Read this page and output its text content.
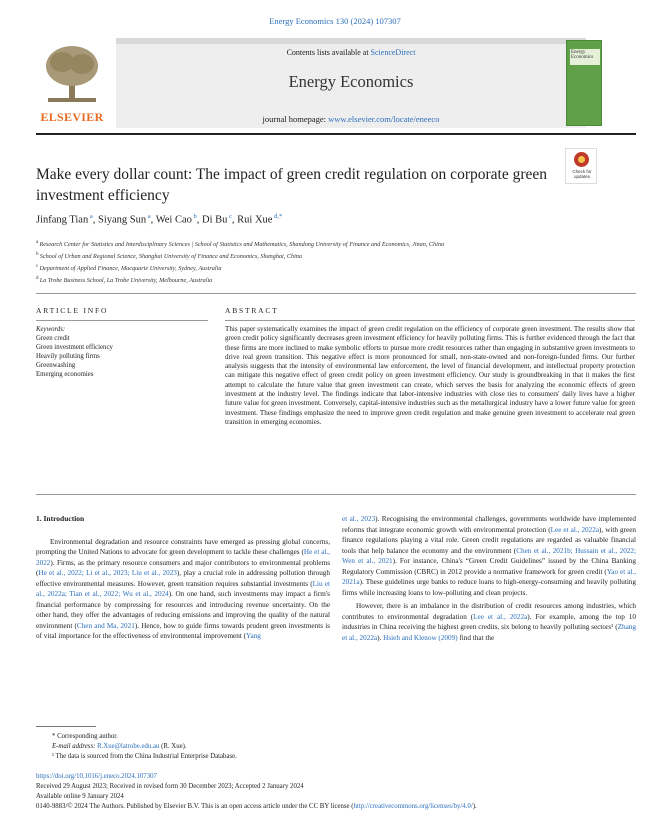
Energy Economics 130 (2024) 107307
ELSEVIER
Contents lists available at ScienceDirect
Energy Economics
journal homepage: www.elsevier.com/locate/eneeco
Energy Economics
Check for updates
Make every dollar count: The impact of green credit regulation on corporate green investment efficiency
Jinfang Tian $^a$, Siyang Sun $^a$, Wei Cao $^b$, Di Bu $^c$, Rui Xue $^{d,*}$
$^a$ Research Center for Statistics and Interdisciplinary Sciences | School of Statistics and Mathematics, Shandong University of Finance and Economics, Jinan, China
$^b$ School of Urban and Regional Science, Shanghai University of Finance and Economics, Shanghai, China
$^c$ Department of Applied Finance, Macquarie University, Sydney, Australia
$^d$ La Trobe Business School, La Trobe University, Melbourne, Australia
ARTICLE INFO
Keywords:
Green credit
Green investment efficiency
Heavily polluting firms
Greenwashing
Emerging economies
ABSTRACT
This paper systematically examines the impact of green credit regulation on the efficiency of corporate green investment. The results show that green credit policy significantly decreases green investment efficiency for heavily polluting firms. This is further evidenced through the fact that these firms are more inclined to make symbolic efforts to pursue more credit resources rather than engaging in substantive green investments to drive real green transition. This negative effect is more pronounced for small, non-state-owned and non-foreign-funded firms. Our further analysis suggests that the intensity of environmental law enforcement, the level of financial development, and intellectual property protection can mitigate this negative effect of green credit policy on green investment efficiency. Our study is groundbreaking in that it makes the first attempt to calculate the future value that green investment can create, which serves the basis for analyzing the economic effects of green investment at the industry level. The findings indicate that labor-intensive industries with close ties to consumers' daily lives have a higher future value for green investment. Conversely, capital-intensive industries such as the metallurgical industry have a lower future value for green investment. These findings emphasize the need to improve green credit regulation and make genuine green investment to accelerate real green transition in emerging economies.
1. Introduction

Environmental degradation and resource constraints have emerged as pressing global concerns, prompting the United Nations to advocate for green development to tackle these challenges (He et al., 2022). Firms, as the primary resource consumers and major contributors to environmental problems (He et al., 2022; Li et al., 2023; Liu et al., 2023), play a crucial role in addressing pollution through effective environmental measures. However, green transition requires substantial investments (Liu et al., 2022a; Tian et al., 2022; Wu et al., 2024). On one hand, such investments may impact a firm's financial performance by compressing for resources and introducing revenue uncertainty. On the other hand, they offer the advantages of reducing emissions and improving the quality of the natural environment (Chen and Ma, 2021). Hence, how to guide firms towards prudent green investments is of vital importance for the effectiveness of environmental improvement (Yang

et al., 2023). Recognising the environmental challenges, governments worldwide have implemented reforms that integrate economic growth with environmental protection (Lee et al., 2022a), with green finance regulations playing a vital role. Green credit regulations are regarded as valuable financial tools that help balance the economy and the environment (Chen et al., 2021b; Hussain et al., 2022; Wen et al., 2021). For instance, China's “Green Credit Guidelines” issued by the China Banking Regulatory Commission (CBRC) in 2012 provide a normative framework for green credit (Yao et al., 2021a). These guidelines urge banks to reduce loans to high-energy-consuming and heavily polluting firms while increasing loans to low-polluting and clean projects.

However, there is an imbalance in the distribution of credit resources among industries, which contributes to environmental degradation (Lee et al., 2022a). For example, among the top 10 industries in China receiving the highest green credits, six belong to heavily polluting sectors¹ (Zhang et al., 2022a). Hsieh and Klenow (2009) find that the

* Corresponding author.
E-mail address: R.Xue@latrobe.edu.au (R. Xue).
¹ The data is sourced from the China Industrial Enterprise Database.
https://doi.org/10.1016/j.eneco.2024.107307
Received 29 August 2023; Received in revised form 30 December 2023; Accepted 2 January 2024
Available online 9 January 2024
0140-9883/© 2024 The Authors. Published by Elsevier B.V. This is an open access article under the CC BY license (http://creativecommons.org/licenses/by/4.0/).
